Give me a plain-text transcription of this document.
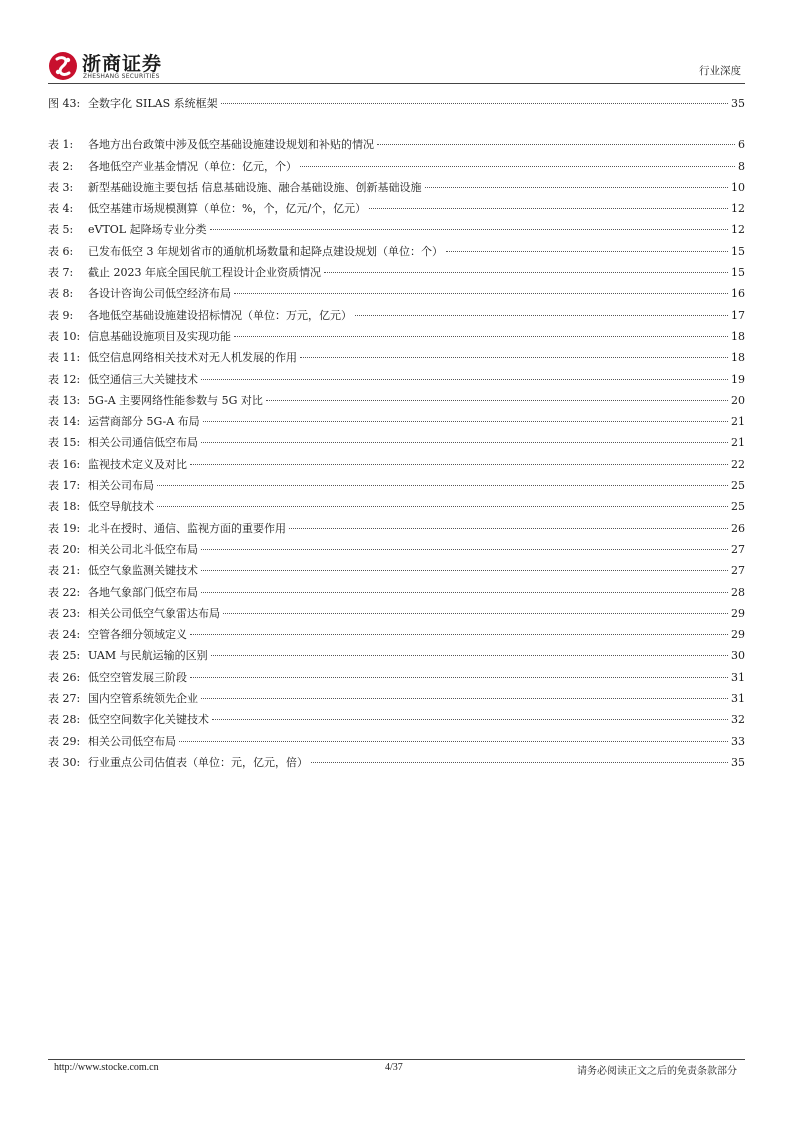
浙商证券
ZHESHANG SECURITIES	行业深度
图 43: 全数字化 SILAS 系统框架	35
表 1:	各地方出台政策中涉及低空基础设施建设规划和补贴的情况	6
表 2:	各地低空产业基金情况（单位：亿元，个）	8
表 3:	新型基础设施主要包括 信息基础设施、融合基础设施、创新基础设施	10
表 4:	低空基建市场规模测算（单位：%，个，亿元/个，亿元）	12
表 5:	eVTOL 起降场专业分类	12
表 6:	已发布低空 3 年规划省市的通航机场数量和起降点建设规划（单位：个）	15
表 7:	截止 2023 年底全国民航工程设计企业资质情况	15
表 8:	各设计咨询公司低空经济布局	16
表 9:	各地低空基础设施建设招标情况（单位：万元，亿元）	17
表 10: 信息基础设施项目及实现功能	18
表 11: 低空信息网络相关技术对无人机发展的作用	18
表 12: 低空通信三大关键技术	19
表 13: 5G-A 主要网络性能参数与 5G 对比	20
表 14: 运营商部分 5G-A 布局	21
表 15: 相关公司通信低空布局	21
表 16: 监视技术定义及对比	22
表 17: 相关公司布局	25
表 18: 低空导航技术	25
表 19: 北斗在授时、通信、监视方面的重要作用	26
表 20: 相关公司北斗低空布局	27
表 21: 低空气象监测关键技术	27
表 22: 各地气象部门低空布局	28
表 23: 相关公司低空气象雷达布局	29
表 24: 空管各细分领域定义	29
表 25: UAM 与民航运输的区别	30
表 26: 低空空管发展三阶段	31
表 27: 国内空管系统领先企业	31
表 28: 低空空间数字化关键技术	32
表 29: 相关公司低空布局	33
表 30: 行业重点公司估值表（单位：元，亿元，倍）	35
http://www.stocke.com.cn	4/37	请务必阅读正文之后的免责条款部分
